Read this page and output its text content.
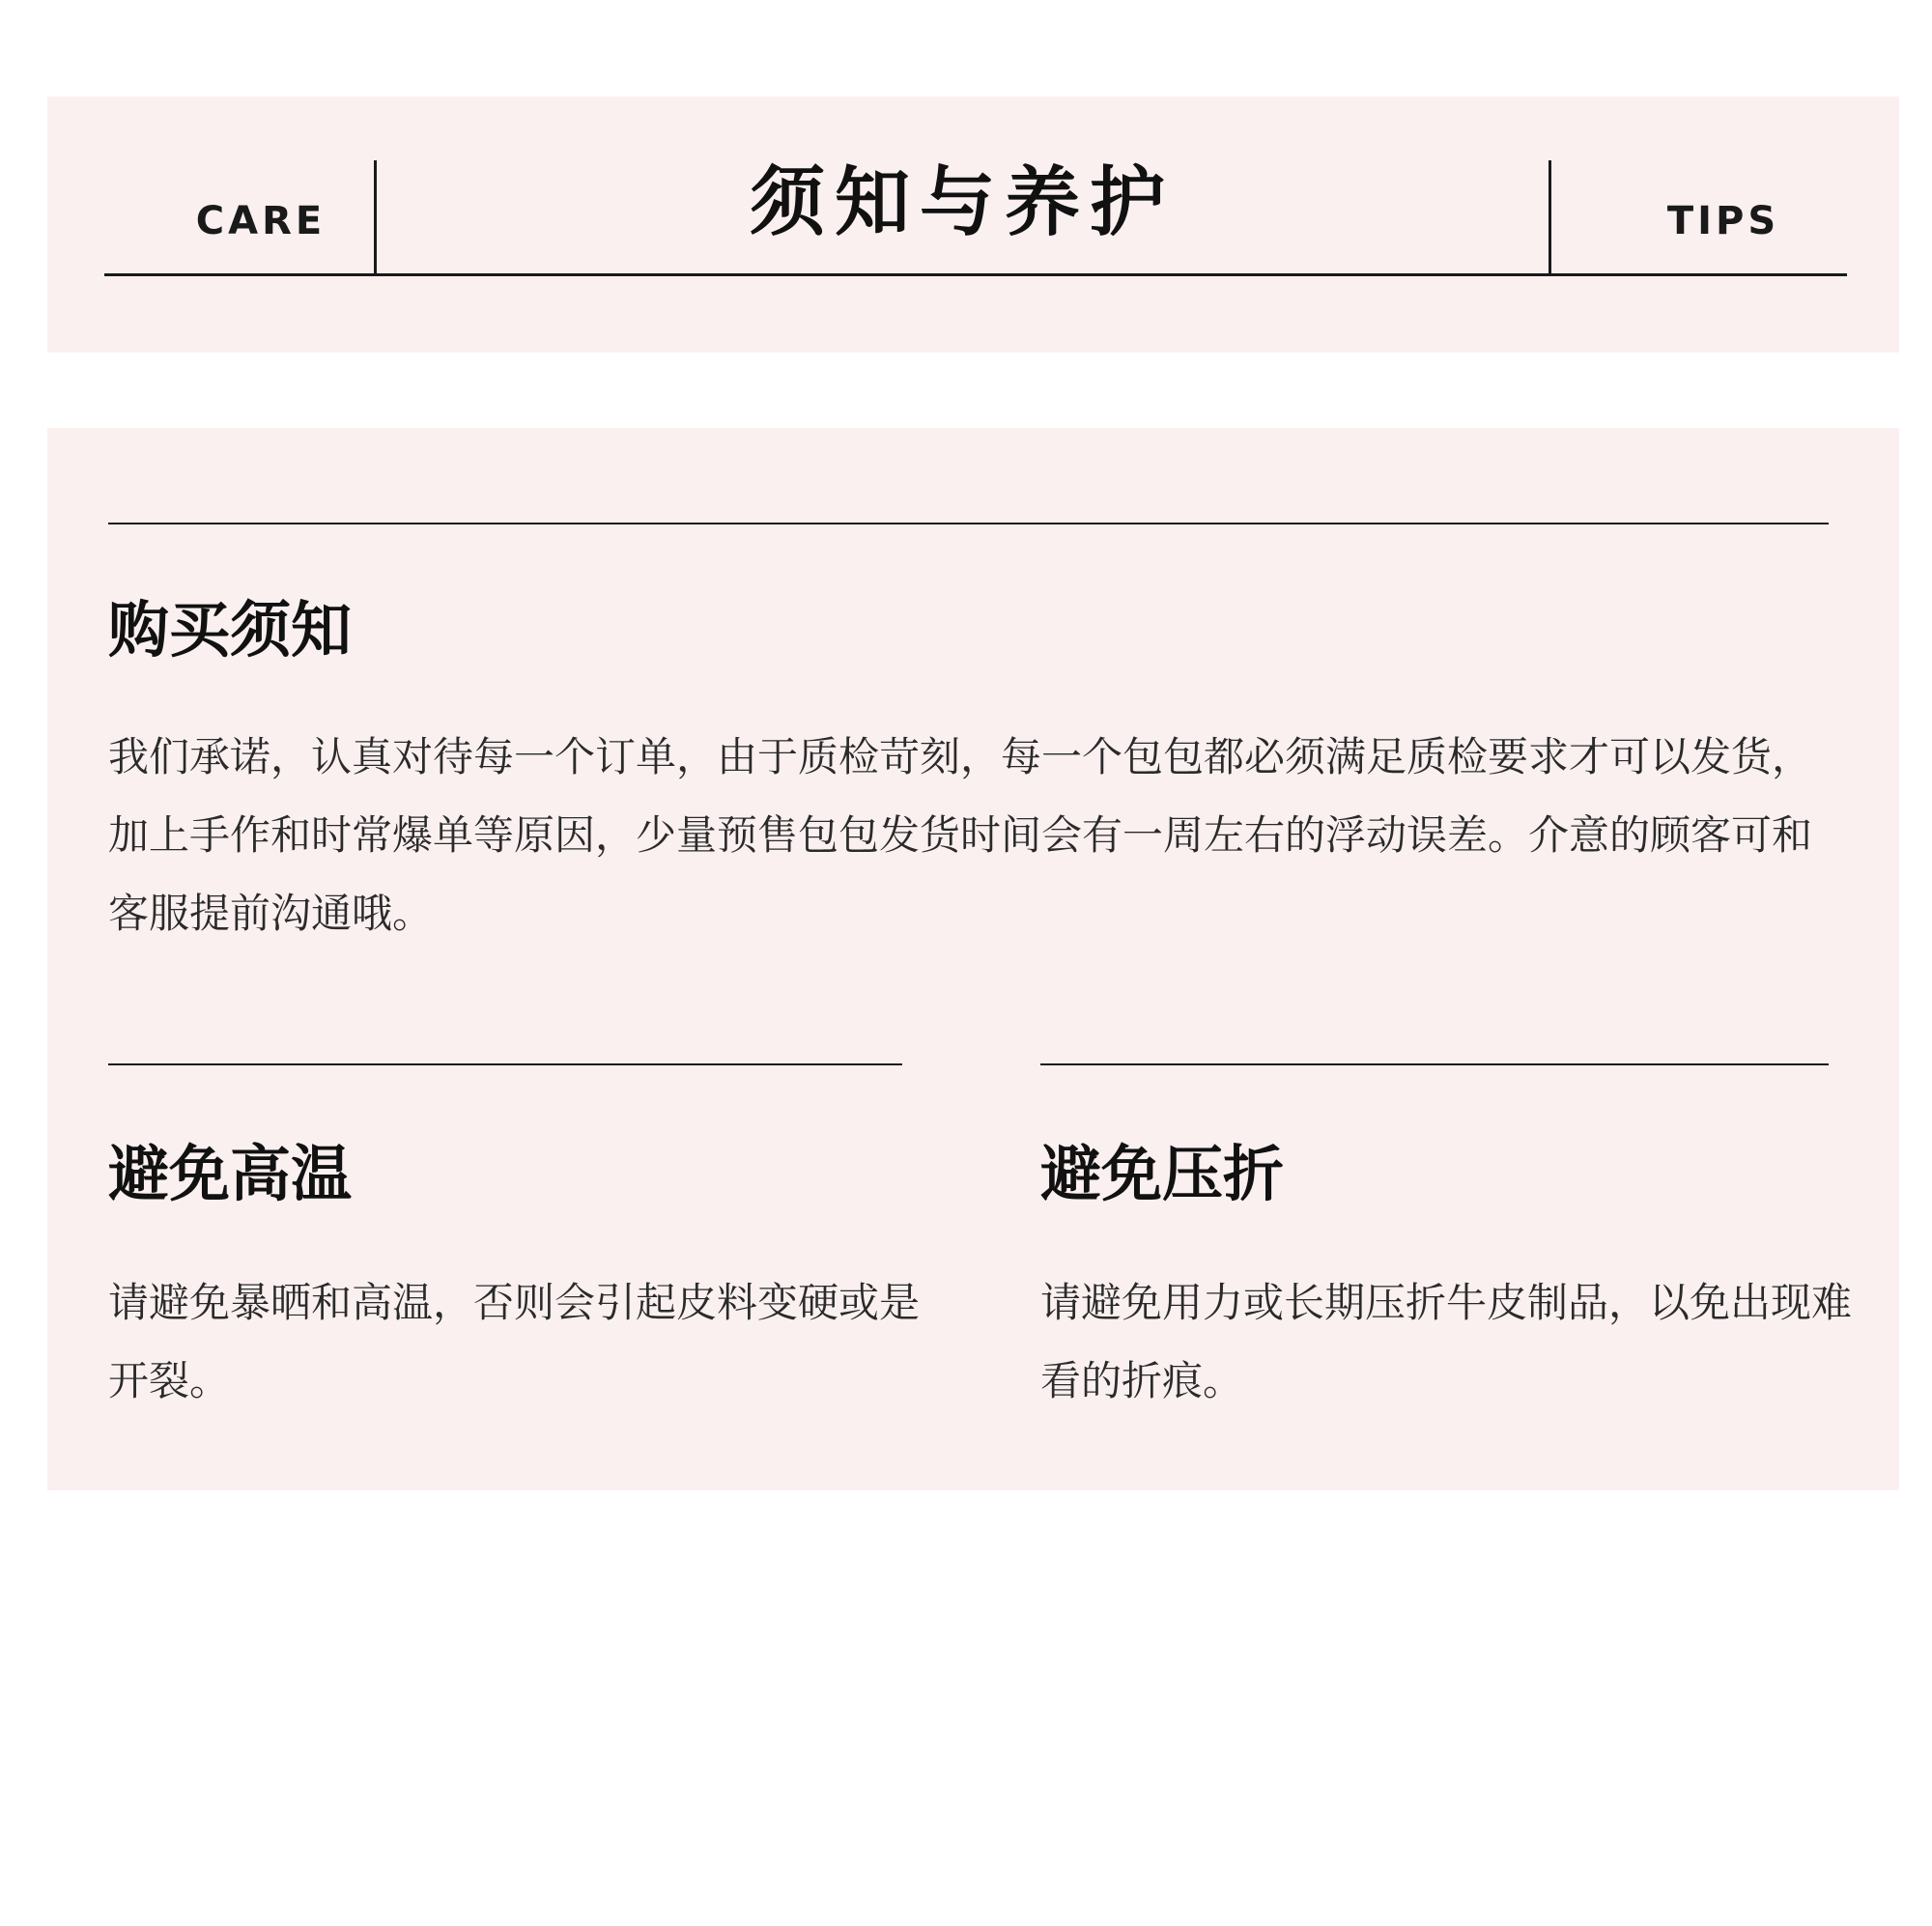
CARE	须知与养护	TIPS
购买须知
我们承诺，认真对待每一个订单，由于质检苛刻，每一个包包都必须满足质检要求才可以发货，加上手作和时常爆单等原因，少量预售包包发货时间会有一周左右的浮动误差。介意的顾客可和客服提前沟通哦。
避免高温
请避免暴晒和高温，否则会引起皮料变硬或是开裂。
避免压折
请避免用力或长期压折牛皮制品，以免出现难看的折痕。
